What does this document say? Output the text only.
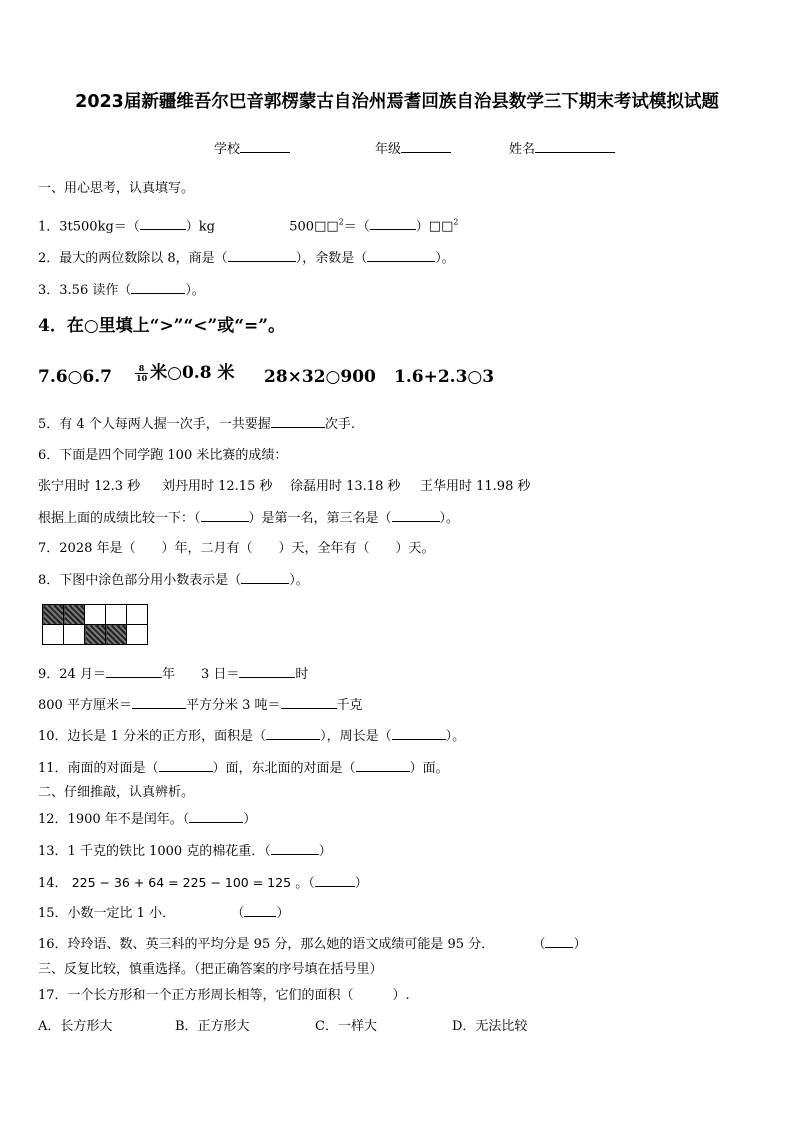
2023届新疆维吾尔巴音郭楞蒙古自治州焉耆回族自治县数学三下期末考试模拟试题
学校	年级	姓名
一、用心思考，认真填写。
1．3t500kg＝（	）kg	500□□$^2$＝（	）□□$^2$
2．最大的两位数除以 8，商是（	），余数是（	）。
3．3.56 读作（	）。
4．在○里填上“>”“<”或“=”。
7.6○6.7	$\frac{8}{10}$ 米○0.8 米 28×32○900 1.6+2.3○3
5．有 4 个人每两人握一次手，一共要握	次手.
6．下面是四个同学跑 100 米比赛的成绩：
张宁用时 12.3 秒 刘丹用时 12.15 秒 徐磊用时 13.18 秒 王华用时 11.98 秒
根据上面的成绩比较一下：（	）是第一名，第三名是（	）。
7．2028 年是（　　）年，二月有（　　）天，全年有（　　）天。
8．下图中涂色部分用小数表示是（	）。

9．24 月＝	年　　3 日＝	时
800 平方厘米＝	平方分米 3 吨＝	千克
10．边长是 1 分米的正方形，面积是（	），周长是（	）。
11．南面的对面是（	）面，东北面的对面是（	）面。
二、仔细推敲，认真辨析。
12．1900 年不是闰年。（	）
13．1 千克的铁比 1000 克的棉花重．（	）
14． 225 − 36 + 64 = 225 − 100 = 125 。（	）
15．小数一定比 1 小．	（ ）
16．玲玲语、数、英三科的平均分是 95 分，那么她的语文成绩可能是 95 分．	（ ）
三、反复比较，慎重选择。（把正确答案的序号填在括号里）
17．一个长方形和一个正方形周长相等，它们的面积（　　　）.
A．长方形大	B．正方形大	C．一样大	D．无法比较
